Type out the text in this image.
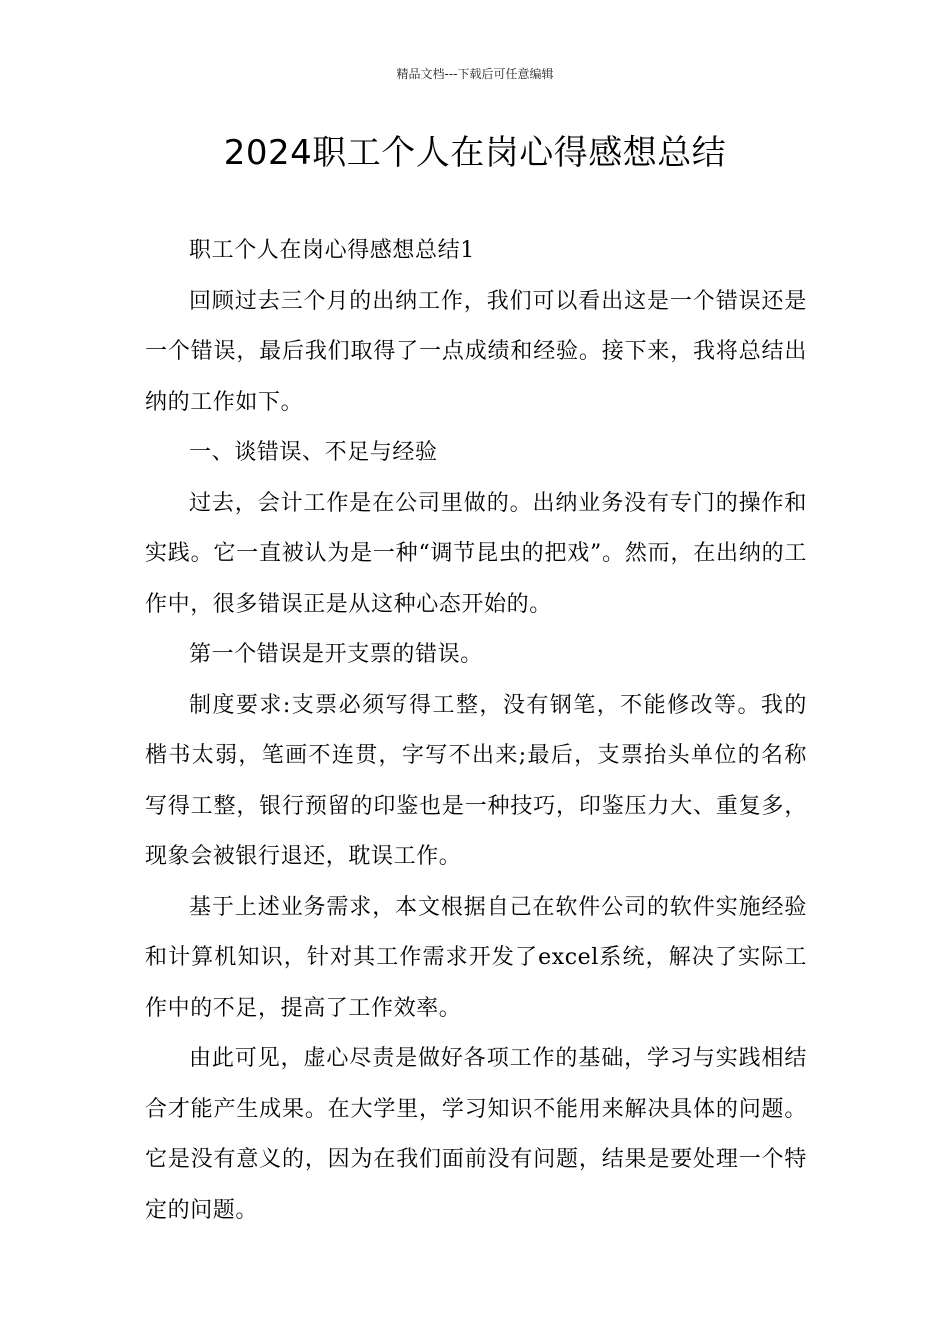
精品文档---下载后可任意编辑
2024职工个人在岗心得感想总结

职工个人在岗心得感想总结1

回顾过去三个月的出纳工作，我们可以看出这是一个错误还是一个错误，最后我们取得了一点成绩和经验。接下来，我将总结出纳的工作如下。

一、谈错误、不足与经验

过去，会计工作是在公司里做的。出纳业务没有专门的操作和实践。它一直被认为是一种“调节昆虫的把戏”。然而，在出纳的工作中，很多错误正是从这种心态开始的。

第一个错误是开支票的错误。

制度要求:支票必须写得工整，没有钢笔，不能修改等。我的楷书太弱，笔画不连贯，字写不出来;最后，支票抬头单位的名称写得工整，银行预留的印鉴也是一种技巧，印鉴压力大、重复多，现象会被银行退还，耽误工作。

基于上述业务需求，本文根据自己在软件公司的软件实施经验和计算机知识，针对其工作需求开发了excel系统，解决了实际工作中的不足，提高了工作效率。

由此可见，虚心尽责是做好各项工作的基础，学习与实践相结合才能产生成果。在大学里，学习知识不能用来解决具体的问题。它是没有意义的，因为在我们面前没有问题，结果是要处理一个特定的问题。
